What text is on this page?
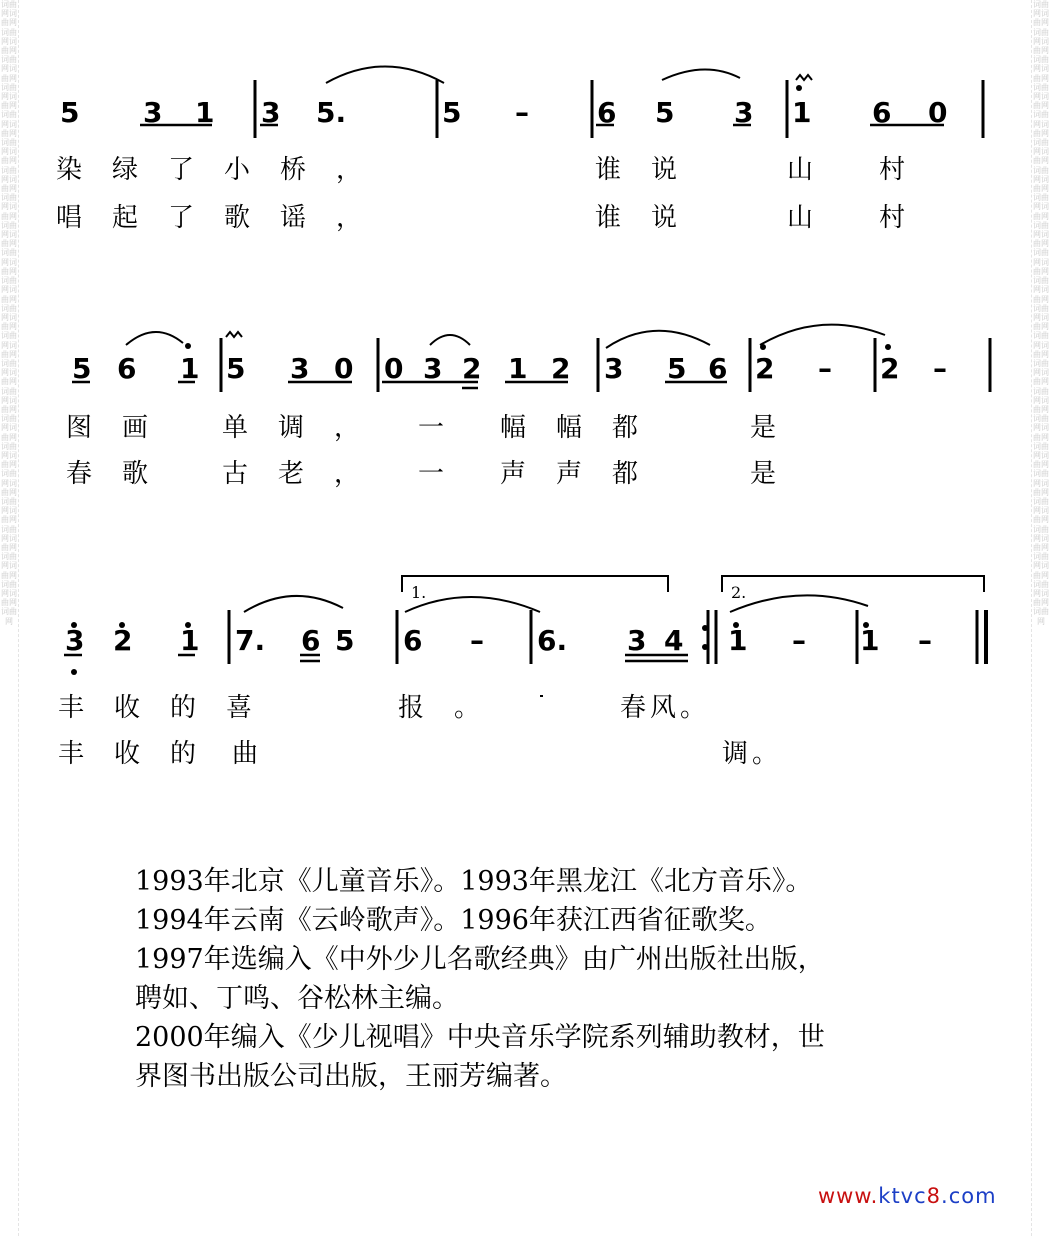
词曲网词曲网词曲网词曲网词曲网词曲网词曲网词曲网词曲网词曲网词曲网词曲网词曲网词曲网词曲网词曲网词曲网词曲网词曲网词曲网词曲网词曲网词曲网词曲网词曲网词曲网词曲网词曲网词曲网词曲网词曲网词曲网词曲网词曲网词曲网词曲网词曲网词曲网词曲网词曲网词曲网词曲网词曲网词曲网词曲网
词曲网词曲网词曲网词曲网词曲网词曲网词曲网词曲网词曲网词曲网词曲网词曲网词曲网词曲网词曲网词曲网词曲网词曲网词曲网词曲网词曲网词曲网词曲网词曲网词曲网词曲网词曲网词曲网词曲网词曲网词曲网词曲网词曲网词曲网词曲网词曲网词曲网词曲网词曲网词曲网词曲网词曲网词曲网词曲网词曲网
5 3 1 3 5.	5 – 6 5 3 1 6 0
5 6 1 5 3 0 0 3 2 1 2 3 5 6 2 – 2 –
3 2 1 7. 6 5 6 – 6. 3 4 1 – 1 –
1.	2.
染绿了小桥，	谁说	山村
唱起了歌谣，	谁说	山村
图画 单调， 一 幅幅都	是
春歌 古老， 一 声声都	是
丰收的喜	报。	春风。
丰收的 曲	调。
1993年北京《儿童音乐》。1993年黑龙江《北方音乐》。
1994年云南《云岭歌声》。1996年获江西省征歌奖。
1997年选编入《中外少儿名歌经典》由广州出版社出版，
聘如、丁鸣、谷松林主编。
2000年编入《少儿视唱》中央音乐学院系列辅助教材，世
界图书出版公司出版，王丽芳编著。
www.ktvc8.com
